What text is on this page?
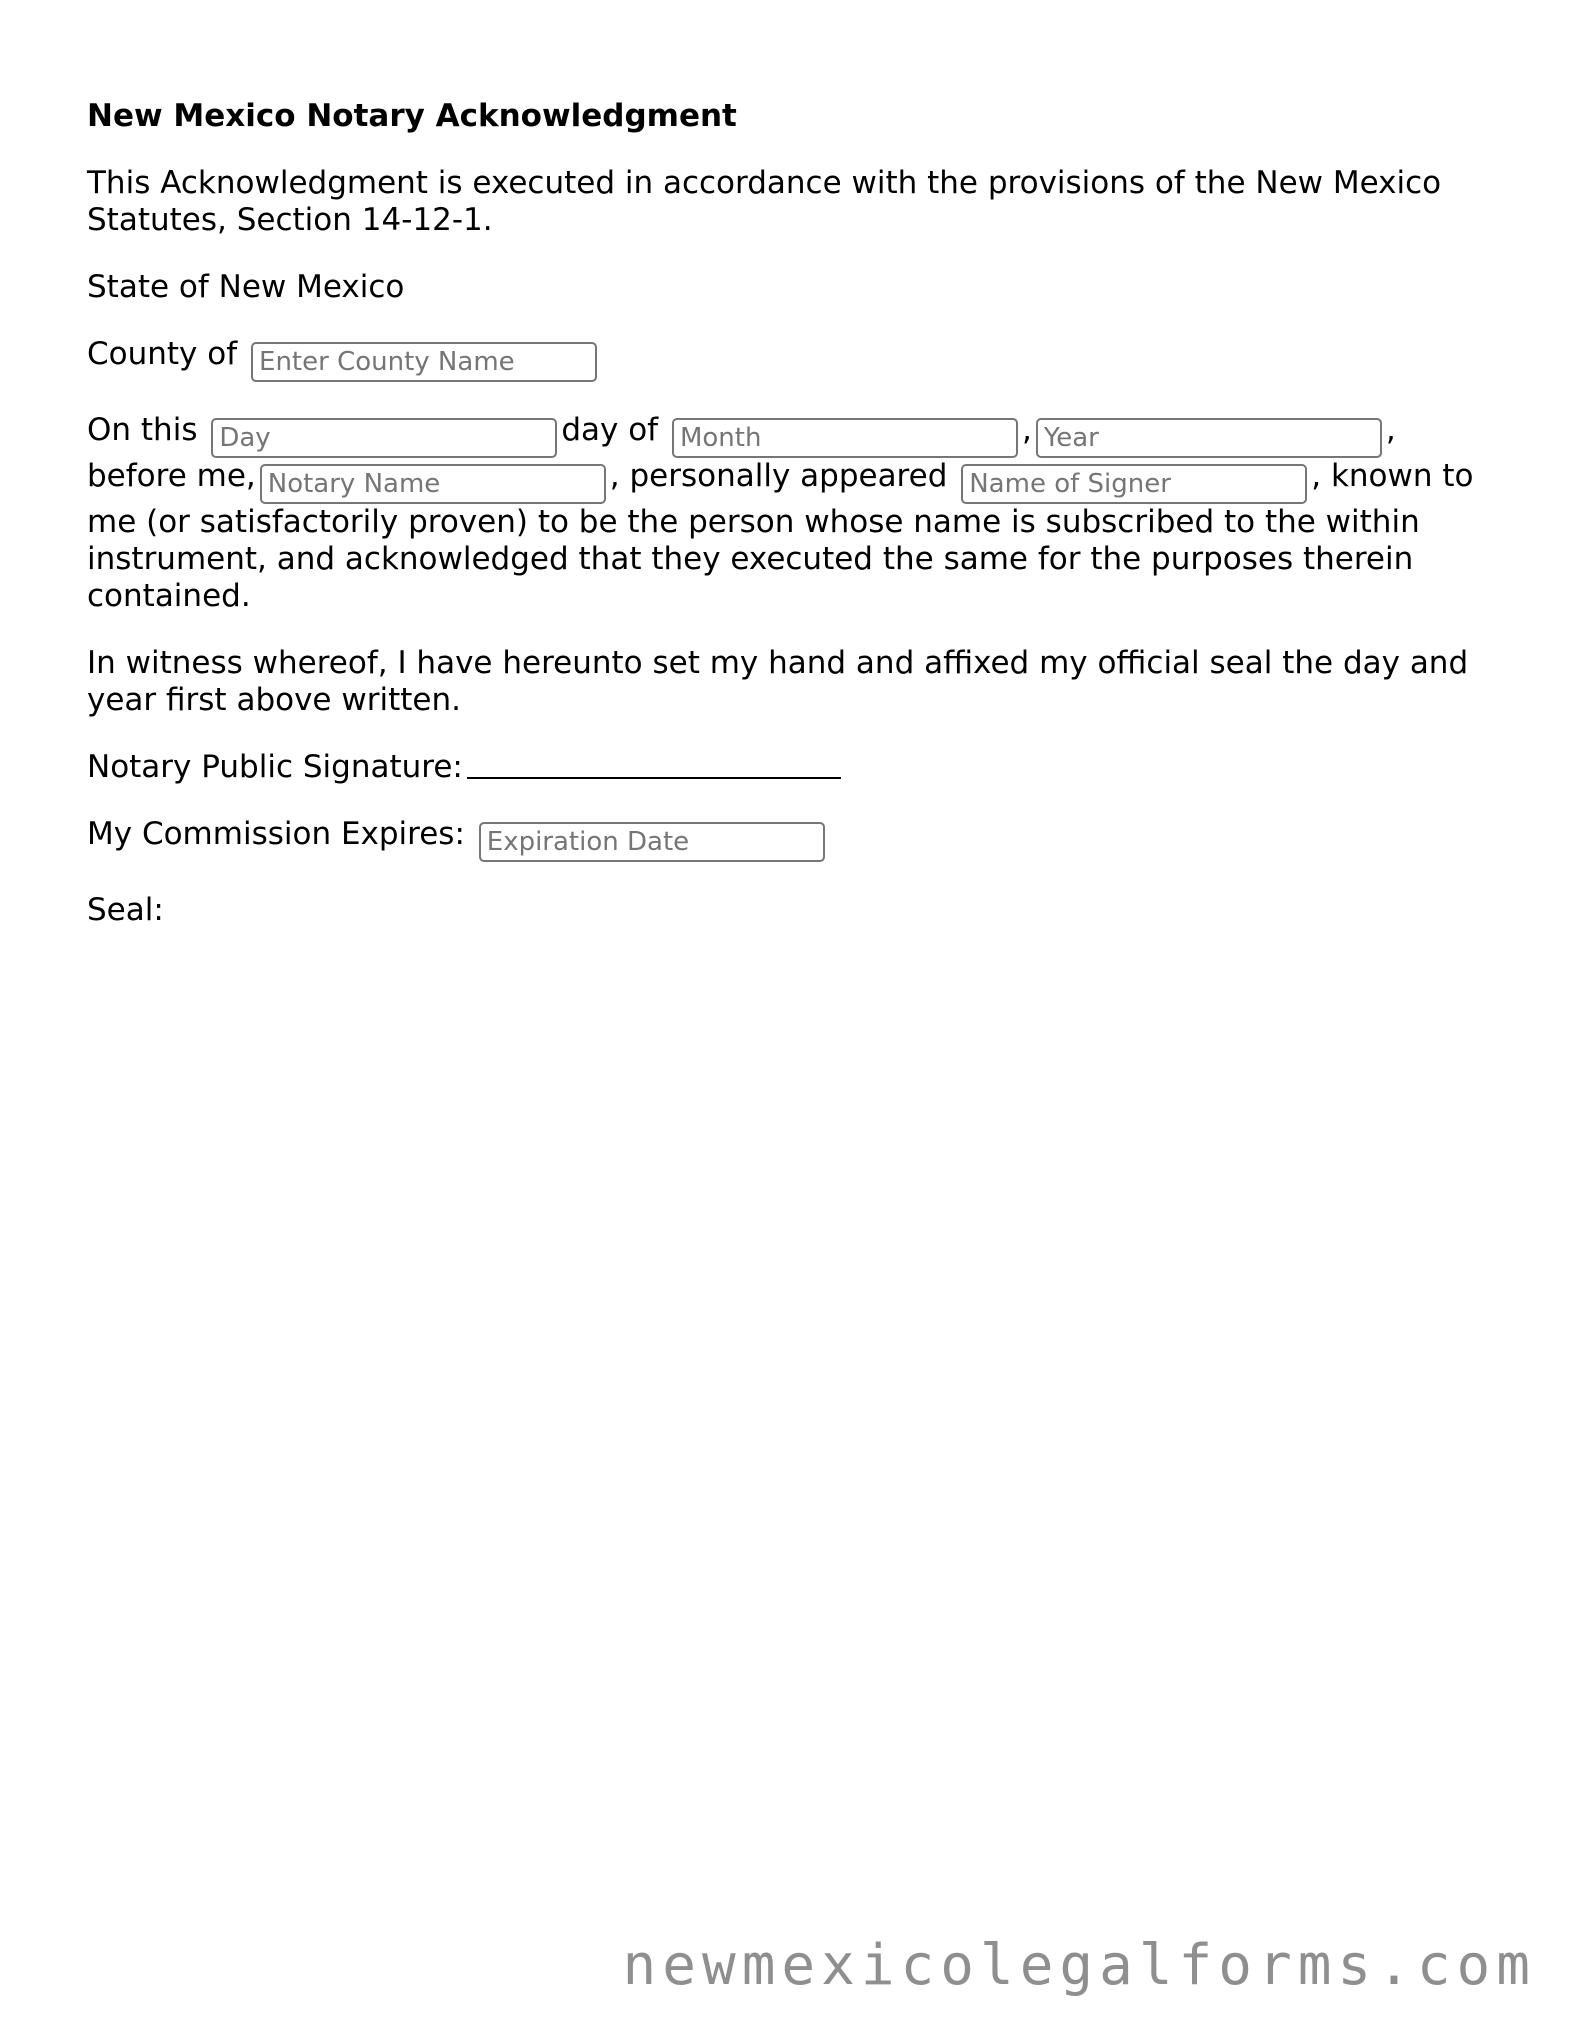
New Mexico Notary Acknowledgment

This Acknowledgment is executed in accordance with the provisions of the New Mexico Statutes, Section 14-12-1.

State of New Mexico

County of Enter County Name

On this Day	day of Month	,Year	, before me,Notary Name	, personally appeared Name of Signer	, known to me (or satisfactorily proven) to be the person whose name is subscribed to the within instrument, and acknowledged that they executed the same for the purposes therein contained.

In witness whereof, I have hereunto set my hand and affixed my official seal the day and year first above written.

Notary Public Signature:

My Commission Expires: Expiration Date

Seal:

newmexicolegalforms.com
